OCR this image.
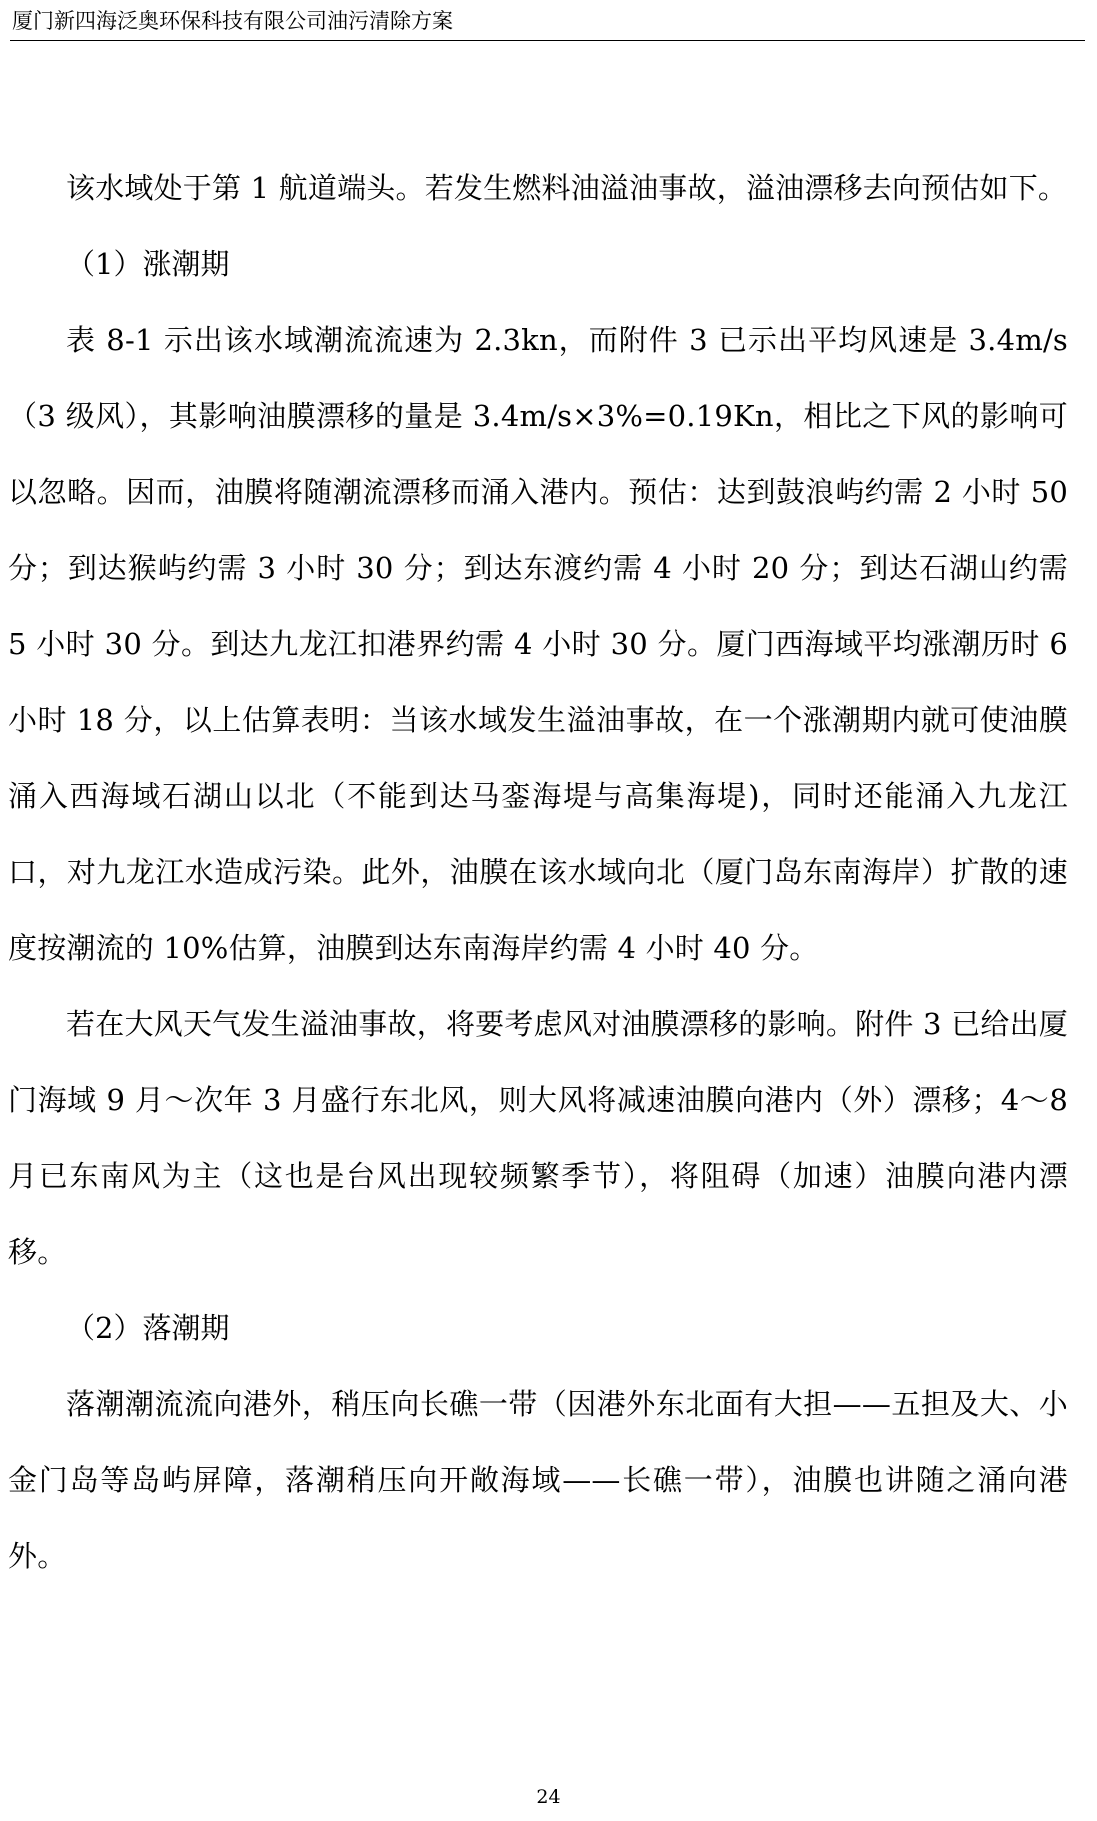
厦门新四海泛奥环保科技有限公司油污清除方案

该水域处于第 1 航道端头。若发生燃料油溢油事故，溢油漂移去向预估如下。

（1）涨潮期

表 8-1 示出该水域潮流流速为 2.3kn，而附件 3 已示出平均风速是 3.4m/s（3 级风），其影响油膜漂移的量是 3.4m/s×3%=0.19Kn，相比之下风的影响可以忽略。因而，油膜将随潮流漂移而涌入港内。预估：达到鼓浪屿约需 2 小时 50 分；到达猴屿约需 3 小时 30 分；到达东渡约需 4 小时 20 分；到达石湖山约需 5 小时 30 分。到达九龙江扣港界约需 4 小时 30 分。厦门西海域平均涨潮历时 6 小时 18 分，以上估算表明：当该水域发生溢油事故，在一个涨潮期内就可使油膜涌入西海域石湖山以北（不能到达马銮海堤与高集海堤)，同时还能涌入九龙江口，对九龙江水造成污染。此外，油膜在该水域向北（厦门岛东南海岸）扩散的速度按潮流的 10%估算，油膜到达东南海岸约需 4 小时 40 分。

若在大风天气发生溢油事故，将要考虑风对油膜漂移的影响。附件 3 已给出厦门海域 9 月～次年 3 月盛行东北风，则大风将减速油膜向港内（外）漂移；4～8 月已东南风为主（这也是台风出现较频繁季节），将阻碍（加速）油膜向港内漂移。

（2）落潮期

落潮潮流流向港外，稍压向长礁一带（因港外东北面有大担——五担及大、小金门岛等岛屿屏障，落潮稍压向开敞海域——长礁一带），油膜也讲随之涌向港外。

24
